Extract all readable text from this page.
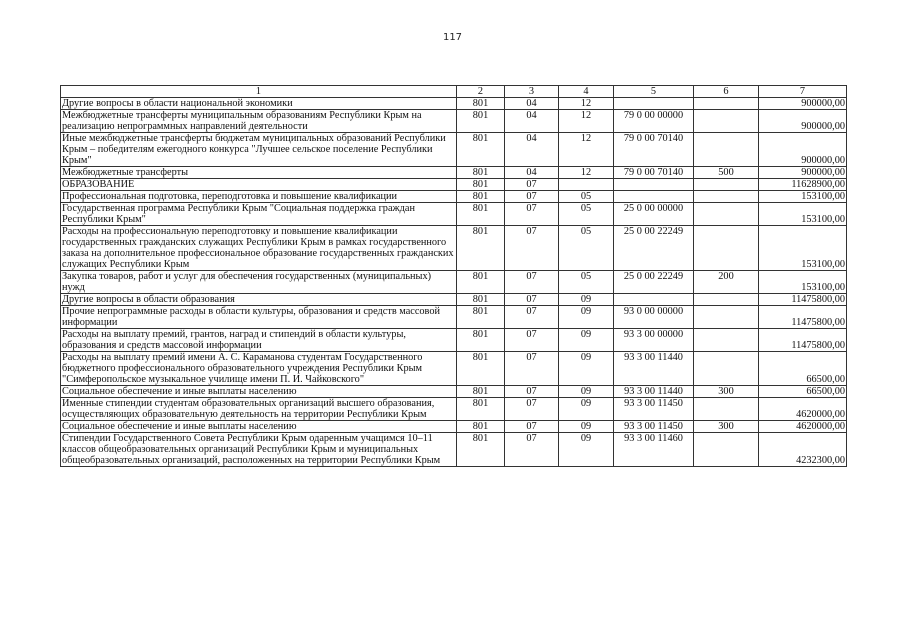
117
1	2	3	4	5	6	7
Другие вопросы в области национальной экономики	801	04	12			900000,00
Межбюджетные трансферты муниципальным образованиям Республики Крым на реализацию непрограммных направлений деятельности	801	04	12	79 0 00 00000		900000,00
Иные межбюджетные трансферты бюджетам муниципальных образований Республики Крым – победителям ежегодного конкурса "Лучшее сельское поселение Республики Крым"	801	04	12	79 0 00 70140		900000,00
Межбюджетные трансферты	801	04	12	79 0 00 70140	500	900000,00
ОБРАЗОВАНИЕ	801	07				11628900,00
Профессиональная подготовка, переподготовка и повышение квалификации	801	07	05			153100,00
Государственная программа Республики Крым "Социальная поддержка граждан Республики Крым"	801	07	05	25 0 00 00000		153100,00
Расходы на профессиональную переподготовку и повышение квалификации государственных гражданских служащих Республики Крым в рамках государственного заказа на дополнительное профессиональное образование государственных гражданских служащих Республики Крым	801	07	05	25 0 00 22249		153100,00
Закупка товаров, работ и услуг для обеспечения государственных (муниципальных) нужд	801	07	05	25 0 00 22249	200	153100,00
Другие вопросы в области образования	801	07	09			11475800,00
Прочие непрограммные расходы в области культуры, образования и средств массовой информации	801	07	09	93 0 00 00000		11475800,00
Расходы на выплату премий, грантов, наград и стипендий в области культуры, образования и средств массовой информации	801	07	09	93 3 00 00000		11475800,00
Расходы на выплату премий имени А. С. Караманова студентам Государственного бюджетного профессионального образовательного учреждения Республики Крым "Симферопольское музыкальное училище имени П. И. Чайковского"	801	07	09	93 3 00 11440		66500,00
Социальное обеспечение и иные выплаты населению	801	07	09	93 3 00 11440	300	66500,00
Именные стипендии студентам образовательных организаций высшего образования, осуществляющих образовательную деятельность на территории Республики Крым	801	07	09	93 3 00 11450		4620000,00
Социальное обеспечение и иные выплаты населению	801	07	09	93 3 00 11450	300	4620000,00
Стипендии Государственного Совета Республики Крым одаренным учащимся 10–11 классов общеобразовательных организаций Республики Крым и муниципальных общеобразовательных организаций, расположенных на территории Республики Крым	801	07	09	93 3 00 11460		4232300,00
